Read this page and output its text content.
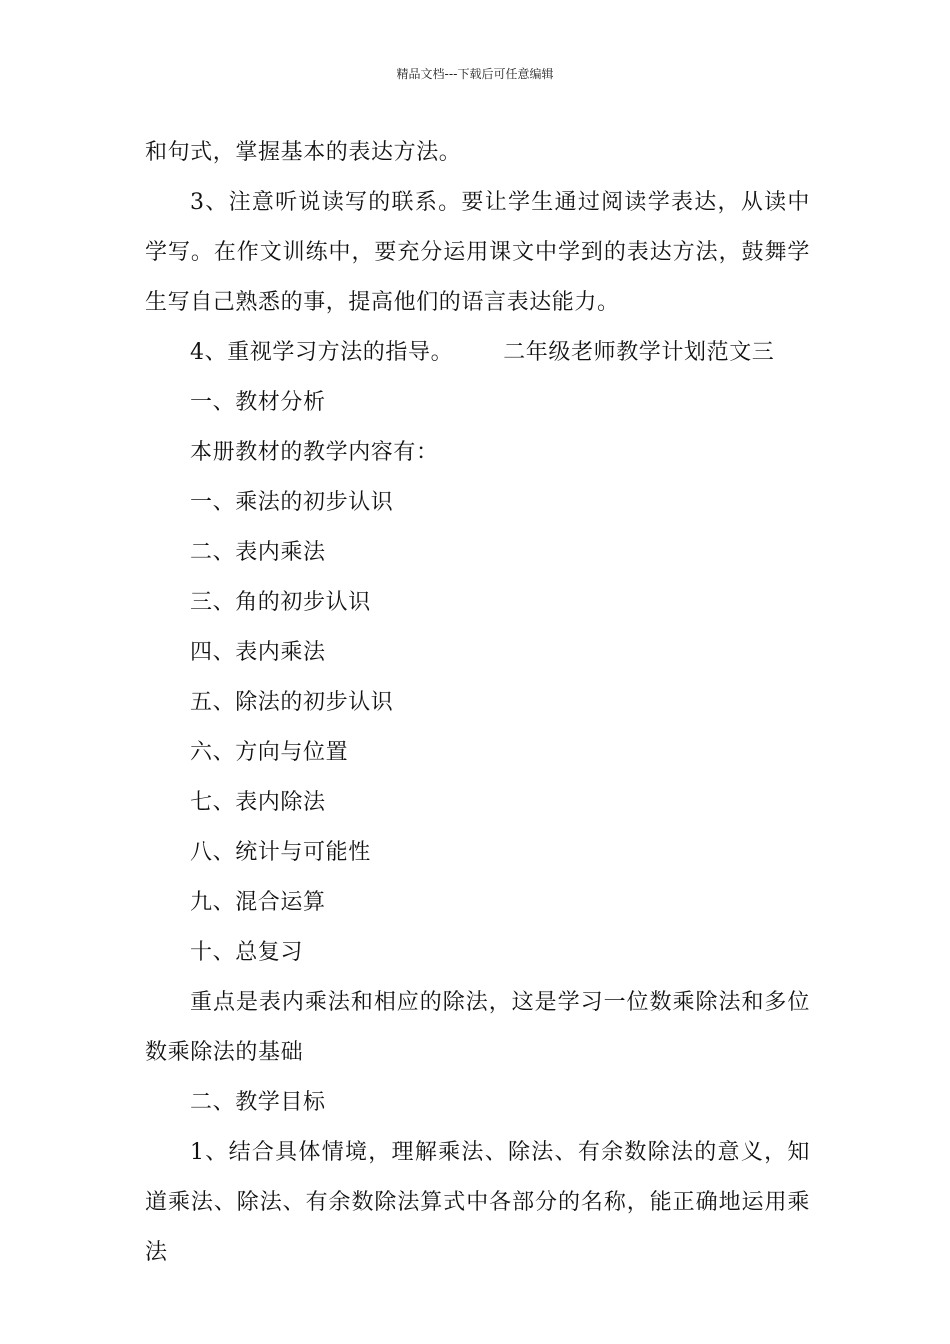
精品文档---下载后可任意编辑

和句式，掌握基本的表达方法。

3、注意听说读写的联系。要让学生通过阅读学表达，从读中学写。在作文训练中，要充分运用课文中学到的表达方法，鼓舞学生写自己熟悉的事，提高他们的语言表达能力。

4、重视学习方法的指导。 二年级老师教学计划范文三

一、教材分析

本册教材的教学内容有：

一、乘法的初步认识

二、表内乘法

三、角的初步认识

四、表内乘法

五、除法的初步认识

六、方向与位置

七、表内除法

八、统计与可能性

九、混合运算

十、总复习

重点是表内乘法和相应的除法，这是学习一位数乘除法和多位数乘除法的基础

二、教学目标

1、结合具体情境，理解乘法、除法、有余数除法的意义，知道乘法、除法、有余数除法算式中各部分的名称，能正确地运用乘法
